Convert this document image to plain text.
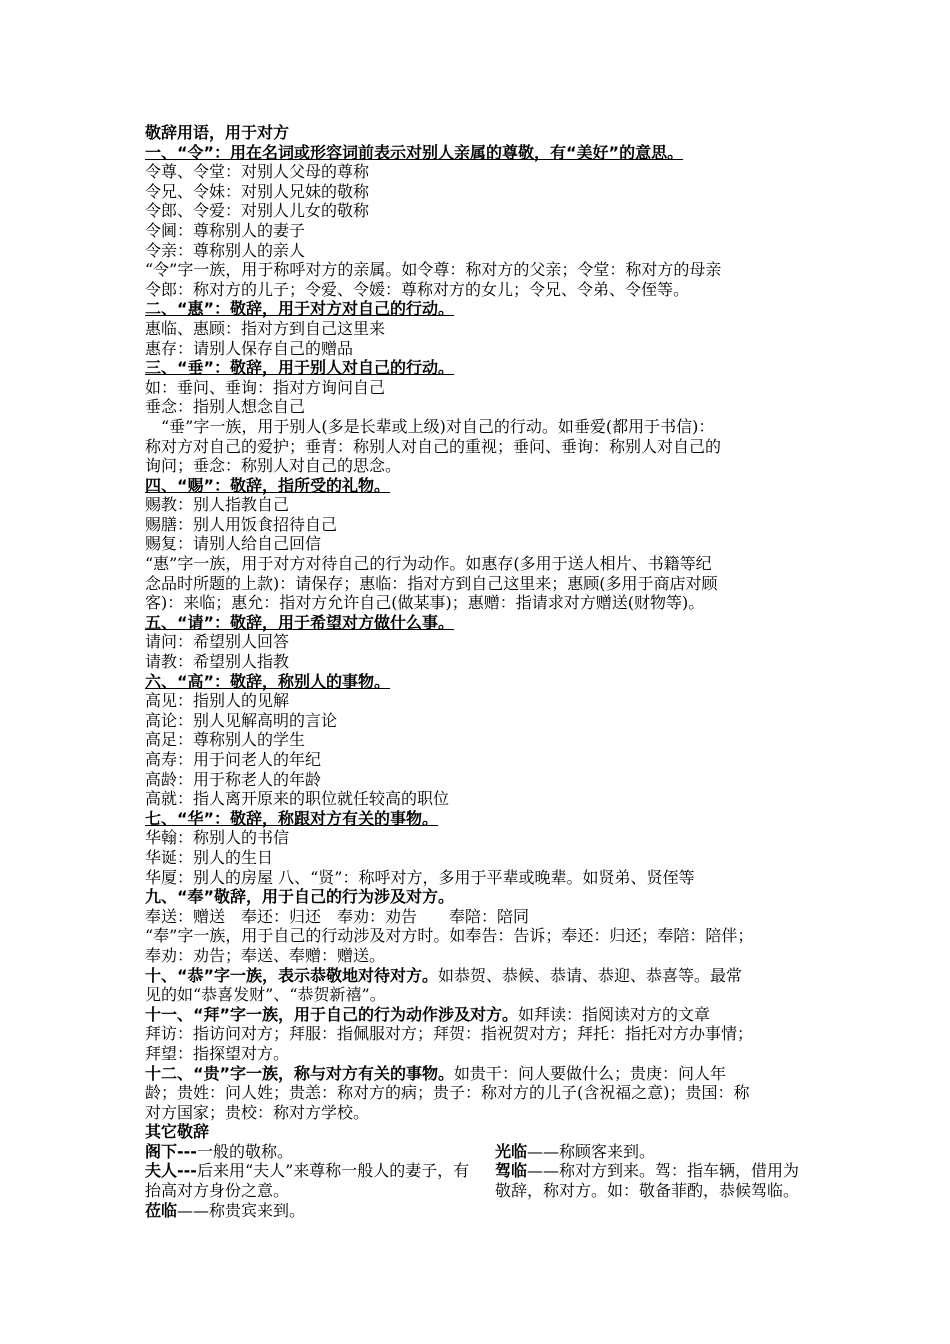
敬辞用语，用于对方
一、“令”：用在名词或形容词前表示对别人亲属的尊敬，有“美好”的意思。
令尊、令堂：对别人父母的尊称
令兄、令妹：对别人兄妹的敬称
令郎、令爱：对别人儿女的敬称
令阃：尊称别人的妻子
令亲：尊称别人的亲人
“令”字一族，用于称呼对方的亲属。如令尊：称对方的父亲；令堂：称对方的母亲
令郎：称对方的儿子；令爱、令媛：尊称对方的女儿；令兄、令弟、令侄等。
二、“惠”：敬辞，用于对方对自己的行动。
惠临、惠顾：指对方到自己这里来
惠存：请别人保存自己的赠品
三、“垂”：敬辞，用于别人对自己的行动。
如：垂问、垂询：指对方询问自己
垂念：指别人想念自己
“垂”字一族，用于别人(多是长辈或上级)对自己的行动。如垂爱(都用于书信)：
称对方对自己的爱护；垂青：称别人对自己的重视；垂问、垂询：称别人对自己的
询问；垂念：称别人对自己的思念。
四、“赐”：敬辞，指所受的礼物。
赐教：别人指教自己
赐膳：别人用饭食招待自己
赐复：请别人给自己回信
“惠”字一族，用于对方对待自己的行为动作。如惠存(多用于送人相片、书籍等纪
念品时所题的上款)：请保存；惠临：指对方到自己这里来；惠顾(多用于商店对顾
客)：来临；惠允：指对方允许自己(做某事)；惠赠：指请求对方赠送(财物等)。
五、“请”：敬辞，用于希望对方做什么事。
请问：希望别人回答
请教：希望别人指教
六、“高”：敬辞，称别人的事物。
高见：指别人的见解
高论：别人见解高明的言论
高足：尊称别人的学生
高寿：用于问老人的年纪
高龄：用于称老人的年龄
高就：指人离开原来的职位就任较高的职位
七、“华”：敬辞，称跟对方有关的事物。
华翰：称别人的书信
华诞：别人的生日
华厦：别人的房屋 八、“贤”：称呼对方，多用于平辈或晚辈。如贤弟、贤侄等
九、“奉”敬辞，用于自己的行为涉及对方。
奉送：赠送　奉还：归还　奉劝：劝告　　奉陪：陪同
“奉”字一族，用于自己的行动涉及对方时。如奉告：告诉；奉还：归还；奉陪：陪伴；
奉劝：劝告；奉送、奉赠：赠送。
十、“恭”字一族，表示恭敬地对待对方。如恭贺、恭候、恭请、恭迎、恭喜等。最常
见的如“恭喜发财”、“恭贺新禧”。
十一、“拜”字一族，用于自己的行为动作涉及对方。如拜读：指阅读对方的文章
拜访：指访问对方；拜服：指佩服对方；拜贺：指祝贺对方；拜托：指托对方办事情；
拜望：指探望对方。
十二、“贵”字一族，称与对方有关的事物。如贵干：问人要做什么；贵庚：问人年
龄；贵姓：问人姓；贵恙：称对方的病；贵子：称对方的儿子(含祝福之意)；贵国：称
对方国家；贵校：称对方学校。
其它敬辞
阁下---一般的敬称。
夫人---后来用“夫人”来尊称一般人的妻子，有抬高对方身份之意。
莅临——称贵宾来到。
光临——称顾客来到。
驾临——称对方到来。驾：指车辆，借用为敬辞，称对方。如：敬备菲酌，恭候驾临。
